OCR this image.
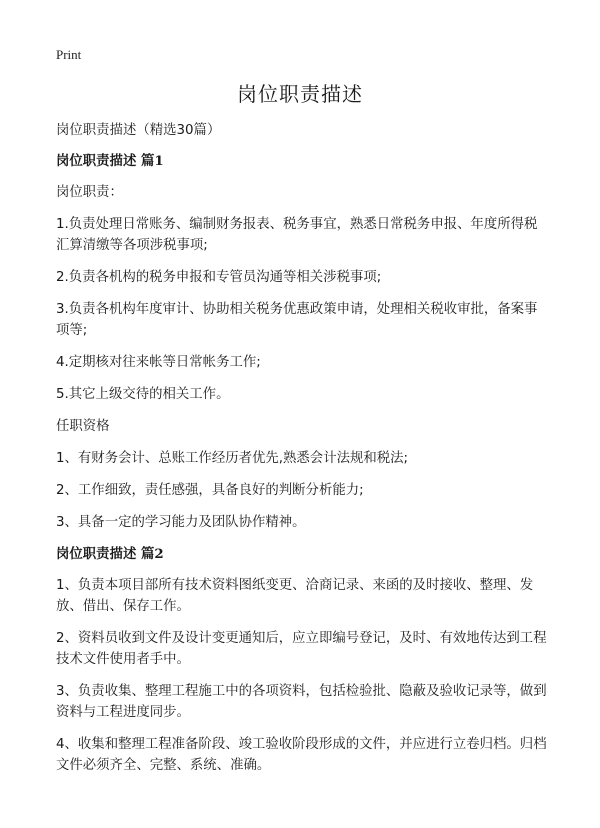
Print
岗位职责描述

岗位职责描述（精选30篇）

岗位职责描述 篇1

岗位职责：

1.负责处理日常账务、编制财务报表、税务事宜，熟悉日常税务申报、年度所得税汇算清缴等各项涉税事项;

2.负责各机构的税务申报和专管员沟通等相关涉税事项;

3.负责各机构年度审计、协助相关税务优惠政策申请，处理相关税收审批，备案事项等;

4.定期核对往来帐等日常帐务工作;

5.其它上级交待的相关工作。

任职资格

1、有财务会计、总账工作经历者优先,熟悉会计法规和税法;

2、工作细致，责任感强，具备良好的判断分析能力;

3、具备一定的学习能力及团队协作精神。

岗位职责描述 篇2

1、负责本项目部所有技术资料图纸变更、洽商记录、来函的及时接收、整理、发放、借出、保存工作。

2、资料员收到文件及设计变更通知后，应立即编号登记，及时、有效地传达到工程技术文件使用者手中。

3、负责收集、整理工程施工中的各项资料，包括检验批、隐蔽及验收记录等，做到资料与工程进度同步。

4、收集和整理工程准备阶段、竣工验收阶段形成的文件，并应进行立卷归档。归档文件必须齐全、完整、系统、准确。
